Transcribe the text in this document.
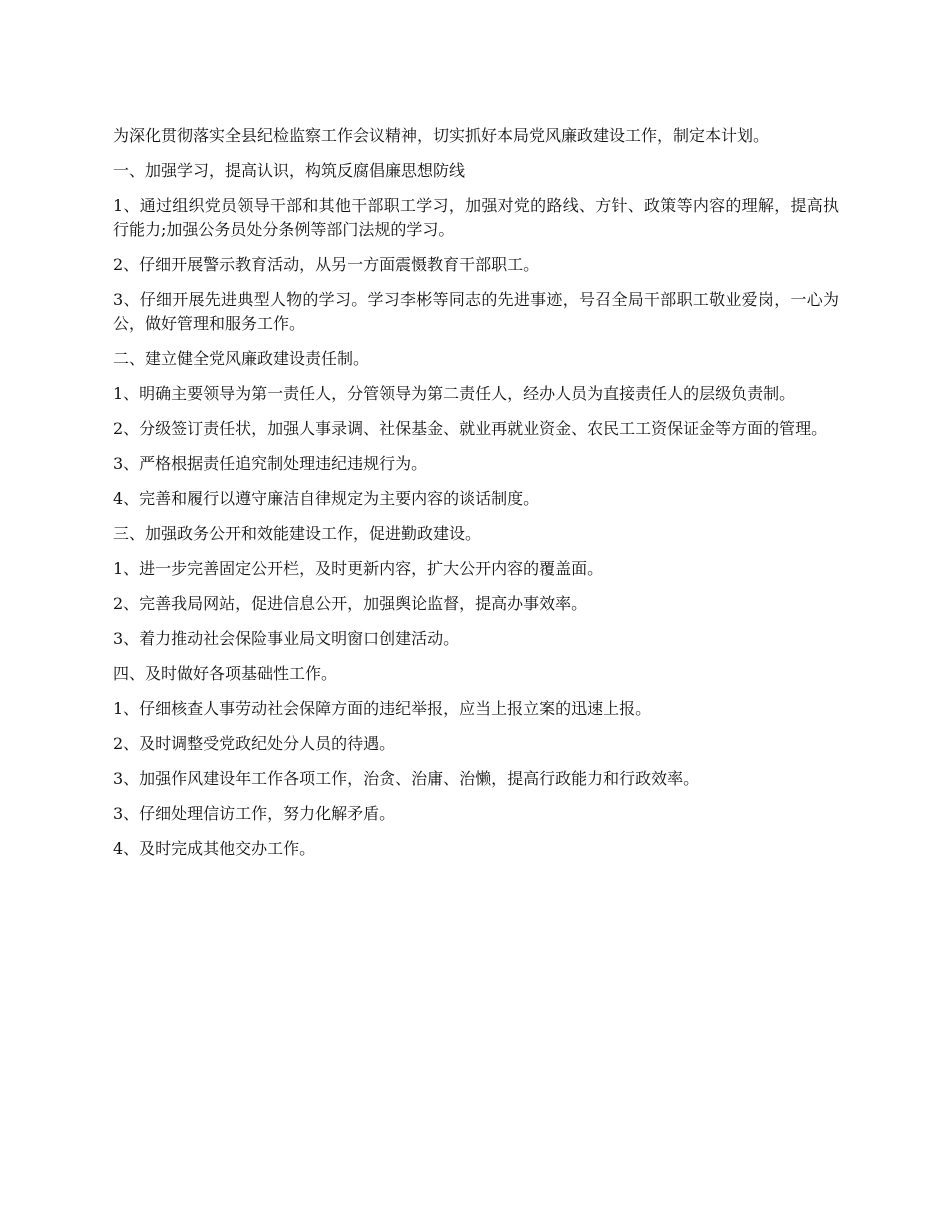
为深化贯彻落实全县纪检监察工作会议精神，切实抓好本局党风廉政建设工作，制定本计划。

一、加强学习，提高认识，构筑反腐倡廉思想防线

1、通过组织党员领导干部和其他干部职工学习，加强对党的路线、方针、政策等内容的理解，提高执行能力;加强公务员处分条例等部门法规的学习。

2、仔细开展警示教育活动，从另一方面震慑教育干部职工。

3、仔细开展先进典型人物的学习。学习李彬等同志的先进事迹，号召全局干部职工敬业爱岗，一心为公，做好管理和服务工作。

二、建立健全党风廉政建设责任制。

1、明确主要领导为第一责任人，分管领导为第二责任人，经办人员为直接责任人的层级负责制。

2、分级签订责任状，加强人事录调、社保基金、就业再就业资金、农民工工资保证金等方面的管理。

3、严格根据责任追究制处理违纪违规行为。

4、完善和履行以遵守廉洁自律规定为主要内容的谈话制度。

三、加强政务公开和效能建设工作，促进勤政建设。

1、进一步完善固定公开栏，及时更新内容，扩大公开内容的覆盖面。

2、完善我局网站，促进信息公开，加强舆论监督，提高办事效率。

3、着力推动社会保险事业局文明窗口创建活动。

四、及时做好各项基础性工作。

1、仔细核查人事劳动社会保障方面的违纪举报，应当上报立案的迅速上报。

2、及时调整受党政纪处分人员的待遇。

3、加强作风建设年工作各项工作，治贪、治庸、治懒，提高行政能力和行政效率。

3、仔细处理信访工作，努力化解矛盾。

4、及时完成其他交办工作。
